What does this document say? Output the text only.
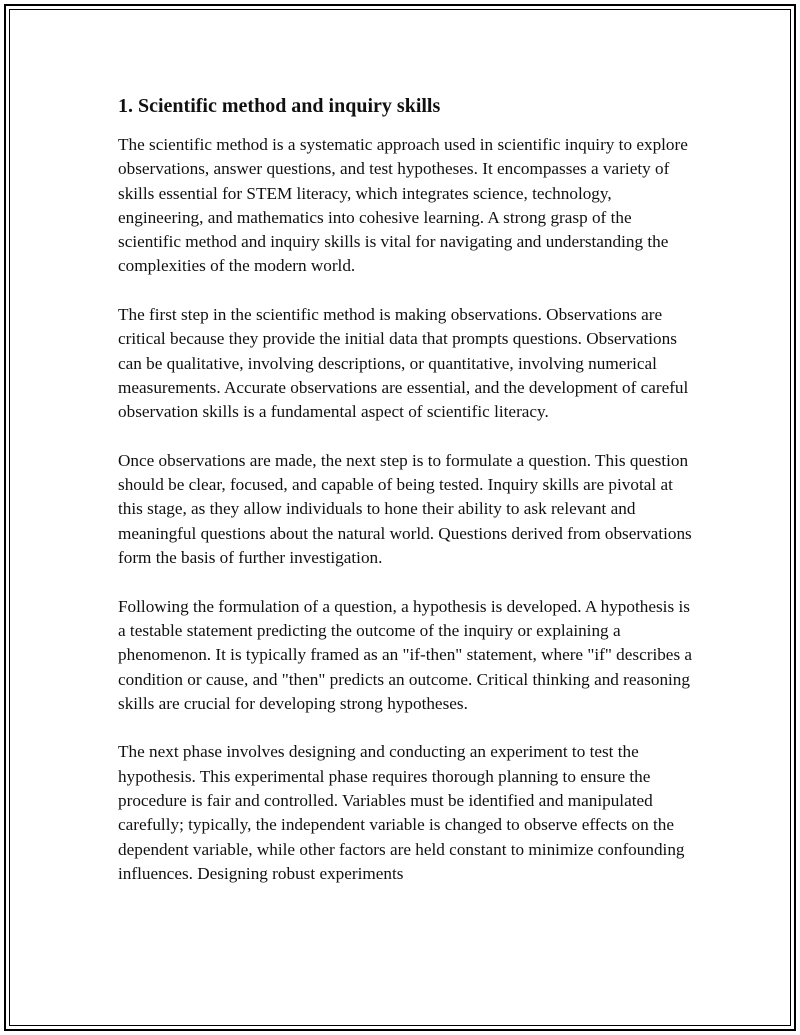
1. Scientific method and inquiry skills

The scientific method is a systematic approach used in scientific inquiry to explore observations, answer questions, and test hypotheses. It encompasses a variety of skills essential for STEM literacy, which integrates science, technology, engineering, and mathematics into cohesive learning. A strong grasp of the scientific method and inquiry skills is vital for navigating and understanding the complexities of the modern world.

The first step in the scientific method is making observations. Observations are critical because they provide the initial data that prompts questions. Observations can be qualitative, involving descriptions, or quantitative, involving numerical measurements. Accurate observations are essential, and the development of careful observation skills is a fundamental aspect of scientific literacy.

Once observations are made, the next step is to formulate a question. This question should be clear, focused, and capable of being tested. Inquiry skills are pivotal at this stage, as they allow individuals to hone their ability to ask relevant and meaningful questions about the natural world. Questions derived from observations form the basis of further investigation.

Following the formulation of a question, a hypothesis is developed. A hypothesis is a testable statement predicting the outcome of the inquiry or explaining a phenomenon. It is typically framed as an "if-then" statement, where "if" describes a condition or cause, and "then" predicts an outcome. Critical thinking and reasoning skills are crucial for developing strong hypotheses.

The next phase involves designing and conducting an experiment to test the hypothesis. This experimental phase requires thorough planning to ensure the procedure is fair and controlled. Variables must be identified and manipulated carefully; typically, the independent variable is changed to observe effects on the dependent variable, while other factors are held constant to minimize confounding influences. Designing robust experiments
